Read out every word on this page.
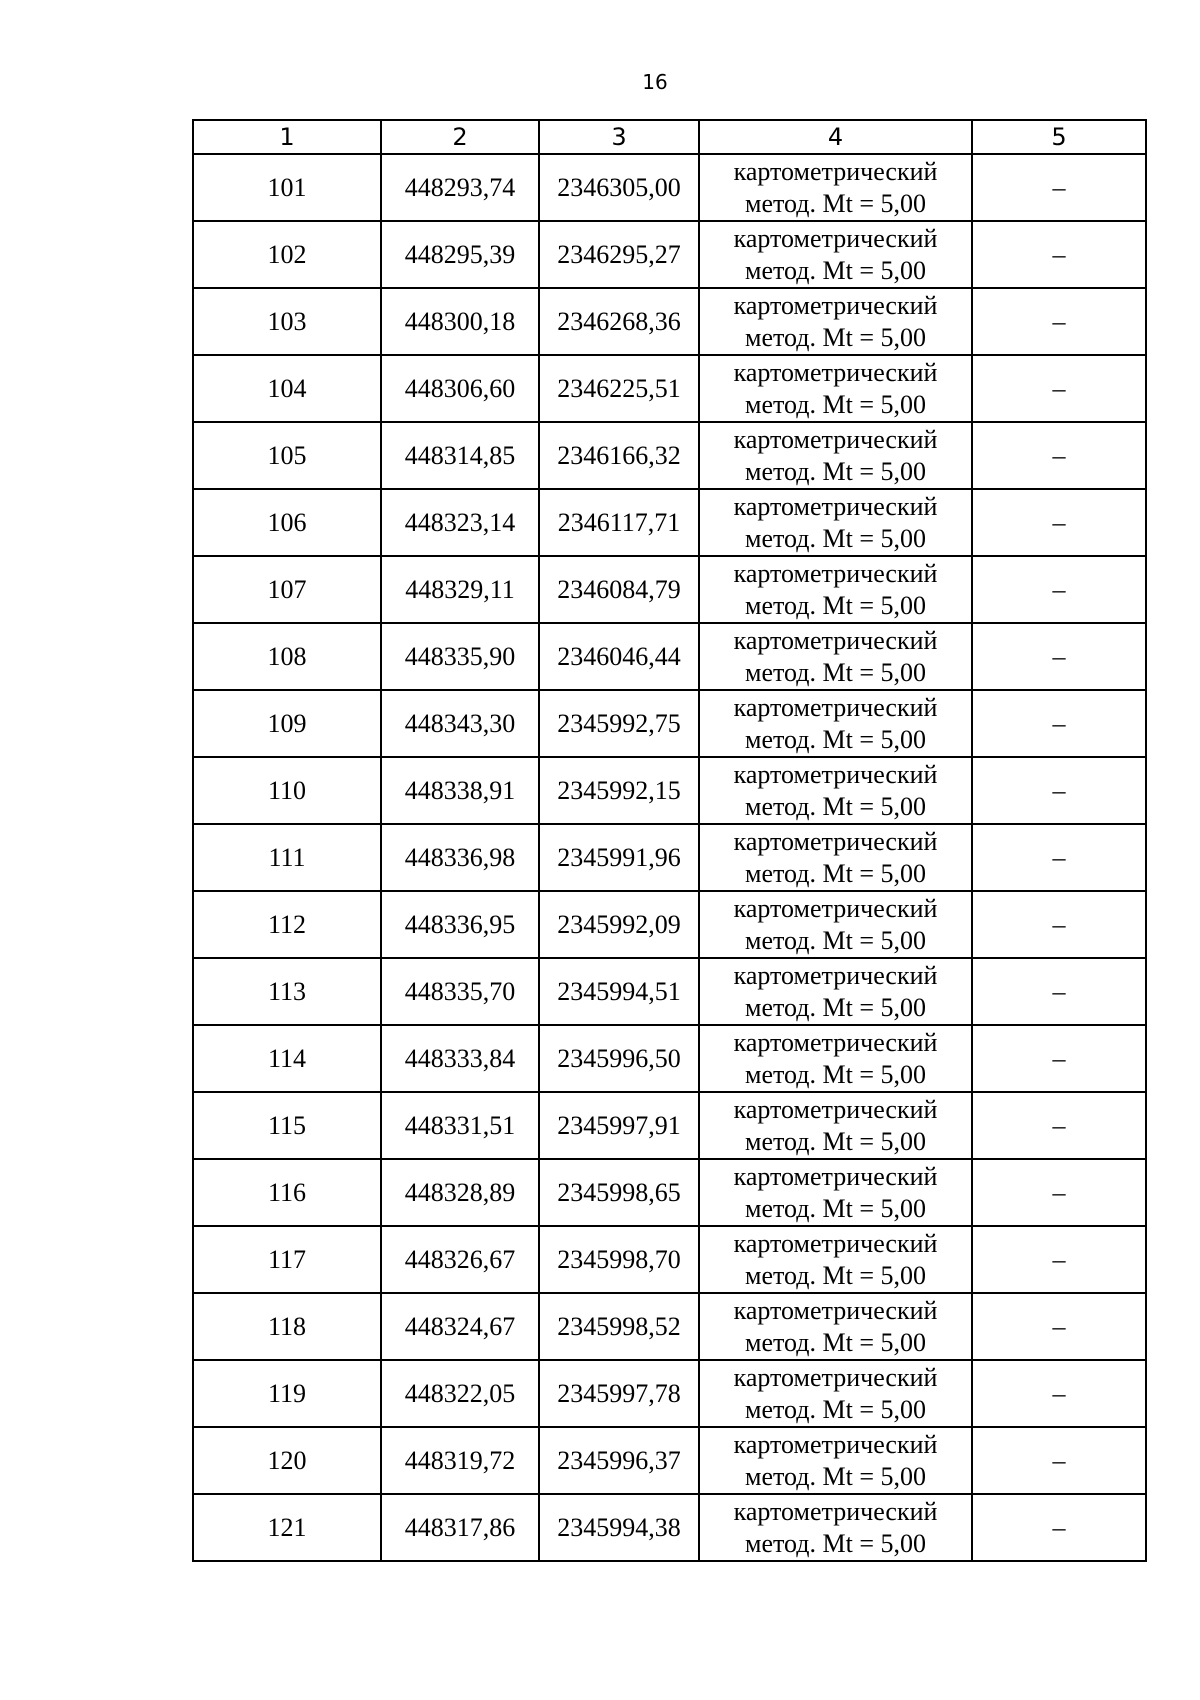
16
1	2	3	4	5
101	448293,74	2346305,00	картометрический
метод. Mt = 5,00	–
102	448295,39	2346295,27	картометрический
метод. Mt = 5,00	–
103	448300,18	2346268,36	картометрический
метод. Mt = 5,00	–
104	448306,60	2346225,51	картометрический
метод. Mt = 5,00	–
105	448314,85	2346166,32	картометрический
метод. Mt = 5,00	–
106	448323,14	2346117,71	картометрический
метод. Mt = 5,00	–
107	448329,11	2346084,79	картометрический
метод. Mt = 5,00	–
108	448335,90	2346046,44	картометрический
метод. Mt = 5,00	–
109	448343,30	2345992,75	картометрический
метод. Mt = 5,00	–
110	448338,91	2345992,15	картометрический
метод. Mt = 5,00	–
111	448336,98	2345991,96	картометрический
метод. Mt = 5,00	–
112	448336,95	2345992,09	картометрический
метод. Mt = 5,00	–
113	448335,70	2345994,51	картометрический
метод. Mt = 5,00	–
114	448333,84	2345996,50	картометрический
метод. Mt = 5,00	–
115	448331,51	2345997,91	картометрический
метод. Mt = 5,00	–
116	448328,89	2345998,65	картометрический
метод. Mt = 5,00	–
117	448326,67	2345998,70	картометрический
метод. Mt = 5,00	–
118	448324,67	2345998,52	картометрический
метод. Mt = 5,00	–
119	448322,05	2345997,78	картометрический
метод. Mt = 5,00	–
120	448319,72	2345996,37	картометрический
метод. Mt = 5,00	–
121	448317,86	2345994,38	картометрический
метод. Mt = 5,00	–
